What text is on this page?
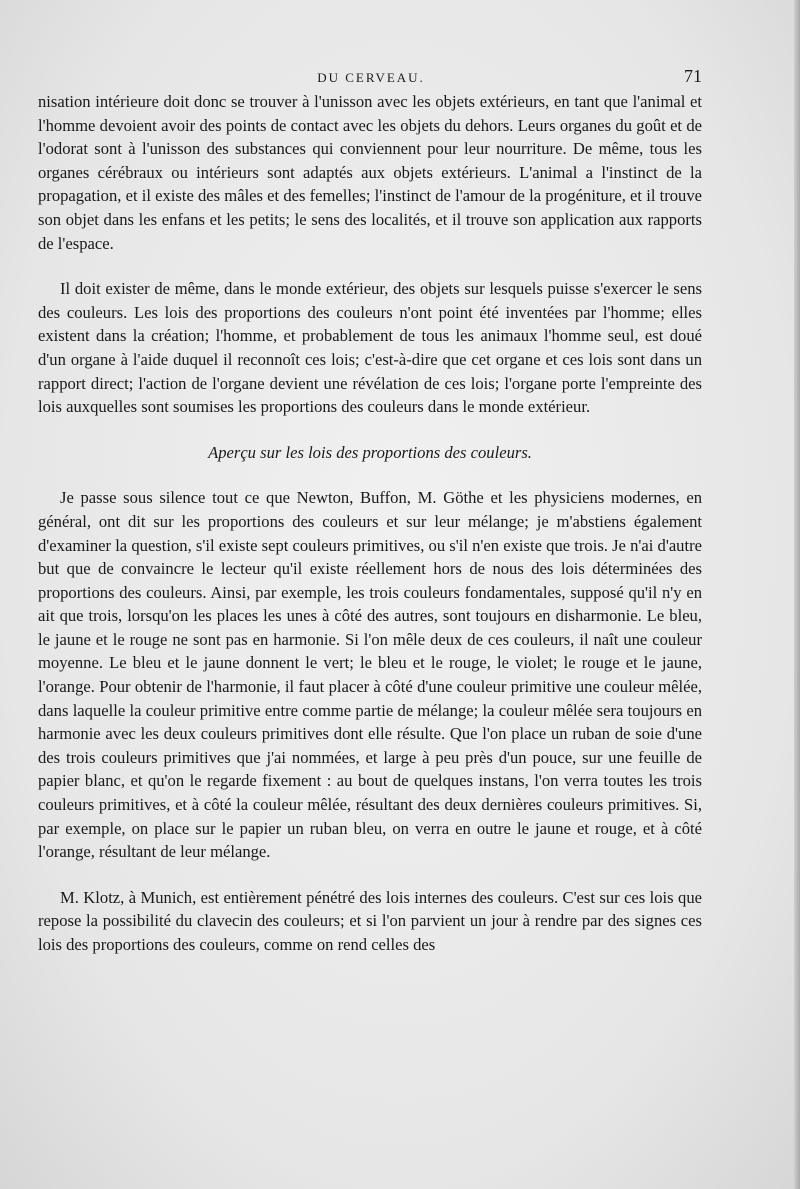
DU CERVEAU.	71

nisation intérieure doit donc se trouver à l'unisson avec les objets extérieurs, en tant que l'animal et l'homme devoient avoir des points de contact avec les objets du dehors. Leurs organes du goût et de l'odorat sont à l'unisson des substances qui conviennent pour leur nourriture. De même, tous les organes cérébraux ou intérieurs sont adaptés aux objets extérieurs. L'animal a l'instinct de la propagation, et il existe des mâles et des femelles; l'instinct de l'amour de la progéniture, et il trouve son objet dans les enfans et les petits; le sens des localités, et il trouve son application aux rapports de l'espace.

Il doit exister de même, dans le monde extérieur, des objets sur lesquels puisse s'exercer le sens des couleurs. Les lois des proportions des couleurs n'ont point été inventées par l'homme; elles existent dans la création; l'homme, et probablement de tous les animaux l'homme seul, est doué d'un organe à l'aide duquel il reconnoît ces lois; c'est-à-dire que cet organe et ces lois sont dans un rapport direct; l'action de l'organe devient une révélation de ces lois; l'organe porte l'empreinte des lois auxquelles sont soumises les proportions des couleurs dans le monde extérieur.

Aperçu sur les lois des proportions des couleurs.

Je passe sous silence tout ce que Newton, Buffon, M. Göthe et les physiciens modernes, en général, ont dit sur les proportions des couleurs et sur leur mélange; je m'abstiens également d'examiner la question, s'il existe sept couleurs primitives, ou s'il n'en existe que trois. Je n'ai d'autre but que de convaincre le lecteur qu'il existe réellement hors de nous des lois déterminées des proportions des couleurs. Ainsi, par exemple, les trois couleurs fondamentales, supposé qu'il n'y en ait que trois, lorsqu'on les places les unes à côté des autres, sont toujours en disharmonie. Le bleu, le jaune et le rouge ne sont pas en harmonie. Si l'on mêle deux de ces couleurs, il naît une couleur moyenne. Le bleu et le jaune donnent le vert; le bleu et le rouge, le violet; le rouge et le jaune, l'orange. Pour obtenir de l'harmonie, il faut placer à côté d'une couleur primitive une couleur mêlée, dans laquelle la couleur primitive entre comme partie de mélange; la couleur mêlée sera toujours en harmonie avec les deux couleurs primitives dont elle résulte. Que l'on place un ruban de soie d'une des trois couleurs primitives que j'ai nommées, et large à peu près d'un pouce, sur une feuille de papier blanc, et qu'on le regarde fixement : au bout de quelques instans, l'on verra toutes les trois couleurs primitives, et à côté la couleur mêlée, résultant des deux dernières couleurs primitives. Si, par exemple, on place sur le papier un ruban bleu, on verra en outre le jaune et rouge, et à côté l'orange, résultant de leur mélange.

M. Klotz, à Munich, est entièrement pénétré des lois internes des couleurs. C'est sur ces lois que repose la possibilité du clavecin des couleurs; et si l'on parvient un jour à rendre par des signes ces lois des proportions des couleurs, comme on rend celles des
